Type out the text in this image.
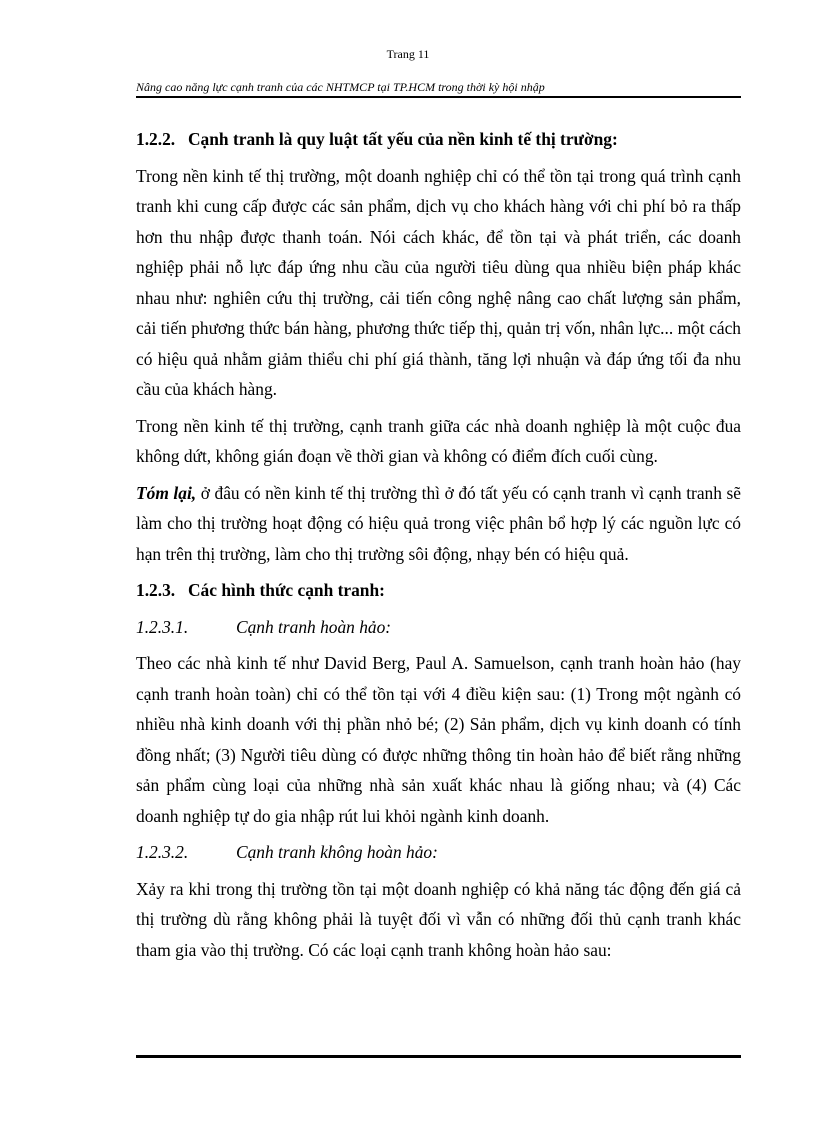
Trang 11
Nâng cao năng lực cạnh tranh của các NHTMCP tại TP.HCM trong thời kỳ hội nhập
1.2.2. Cạnh tranh là quy luật tất yếu của nền kinh tế thị trường:

Trong nền kinh tế thị trường, một doanh nghiệp chỉ có thể tồn tại trong quá trình cạnh tranh khi cung cấp được các sản phẩm, dịch vụ cho khách hàng với chi phí bỏ ra thấp hơn thu nhập được thanh toán. Nói cách khác, để tồn tại và phát triển, các doanh nghiệp phải nỗ lực đáp ứng nhu cầu của người tiêu dùng qua nhiều biện pháp khác nhau như: nghiên cứu thị trường, cải tiến công nghệ nâng cao chất lượng sản phẩm, cải tiến phương thức bán hàng, phương thức tiếp thị, quản trị vốn, nhân lực... một cách có hiệu quả nhằm giảm thiểu chi phí giá thành, tăng lợi nhuận và đáp ứng tối đa nhu cầu của khách hàng.

Trong nền kinh tế thị trường, cạnh tranh giữa các nhà doanh nghiệp là một cuộc đua không dứt, không gián đoạn về thời gian và không có điểm đích cuối cùng.

Tóm lại, ở đâu có nền kinh tế thị trường thì ở đó tất yếu có cạnh tranh vì cạnh tranh sẽ làm cho thị trường hoạt động có hiệu quả trong việc phân bổ hợp lý các nguồn lực có hạn trên thị trường, làm cho thị trường sôi động, nhạy bén có hiệu quả.

1.2.3. Các hình thức cạnh tranh:
1.2.3.1.	Cạnh tranh hoàn hảo:

Theo các nhà kinh tế như David Berg, Paul A. Samuelson, cạnh tranh hoàn hảo (hay cạnh tranh hoàn toàn) chỉ có thể tồn tại với 4 điều kiện sau: (1) Trong một ngành có nhiều nhà kinh doanh với thị phần nhỏ bé; (2) Sản phẩm, dịch vụ kinh doanh có tính đồng nhất; (3) Người tiêu dùng có được những thông tin hoàn hảo để biết rằng những sản phẩm cùng loại của những nhà sản xuất khác nhau là giống nhau; và (4) Các doanh nghiệp tự do gia nhập rút lui khỏi ngành kinh doanh.

1.2.3.2.	Cạnh tranh không hoàn hảo:

Xảy ra khi trong thị trường tồn tại một doanh nghiệp có khả năng tác động đến giá cả thị trường dù rằng không phải là tuyệt đối vì vẫn có những đối thủ cạnh tranh khác tham gia vào thị trường. Có các loại cạnh tranh không hoàn hảo sau:
